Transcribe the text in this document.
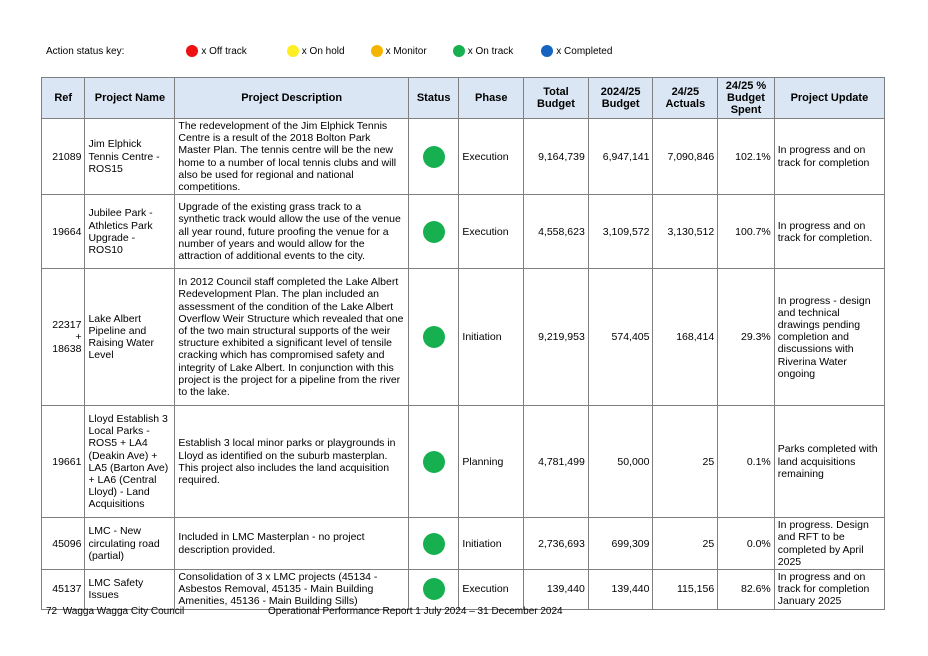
Action status key:	x Off track	x On hold	x Monitor	x On track	x Completed
Ref	Project Name	Project Description	Status	Phase	Total Budget	2024/25 Budget	24/25 Actuals	24/25 % Budget Spent	Project Update
21089	Jim Elphick Tennis Centre - ROS15	The redevelopment of the Jim Elphick Tennis Centre is a result of the 2018 Bolton Park Master Plan. The tennis centre will be the new home to a number of local tennis clubs and will also be used for regional and national competitions.		Execution	9,164,739	6,947,141	7,090,846	102.1%	In progress and on track for completion
19664	Jubilee Park - Athletics Park Upgrade - ROS10	Upgrade of the existing grass track to a synthetic track would allow the use of the venue all year round, future proofing the venue for a number of years and would allow for the attraction of additional events to the city.		Execution	4,558,623	3,109,572	3,130,512	100.7%	In progress and on track for completion.
22317 + 18638	Lake Albert Pipeline and Raising Water Level	In 2012 Council staff completed the Lake Albert Redevelopment Plan. The plan included an assessment of the condition of the Lake Albert Overflow Weir Structure which revealed that one of the two main structural supports of the weir structure exhibited a significant level of tensile cracking which has compromised safety and integrity of Lake Albert. In conjunction with this project is the project for a pipeline from the river to the lake.		Initiation	9,219,953	574,405	168,414	29.3%	In progress - design and technical drawings pending completion and discussions with Riverina Water ongoing
19661	Lloyd Establish 3 Local Parks - ROS5 + LA4 (Deakin Ave) + LA5 (Barton Ave) + LA6 (Central Lloyd) - Land Acquisitions	Establish 3 local minor parks or playgrounds in Lloyd as identified on the suburb masterplan. This project also includes the land acquisition required.		Planning	4,781,499	50,000	25	0.1%	Parks completed with land acquisitions remaining
45096	LMC - New circulating road (partial)	Included in LMC Masterplan - no project description provided.		Initiation	2,736,693	699,309	25	0.0%	In progress. Design and RFT to be completed by April 2025
45137	LMC Safety Issues	Consolidation of 3 x LMC projects (45134 - Asbestos Removal, 45135 - Main Building Amenities, 45136 - Main Building Sills)		Execution	139,440	139,440	115,156	82.6%	In progress and on track for completion January 2025
72 Wagga Wagga City Council	Operational Performance Report 1 July 2024 – 31 December 2024
